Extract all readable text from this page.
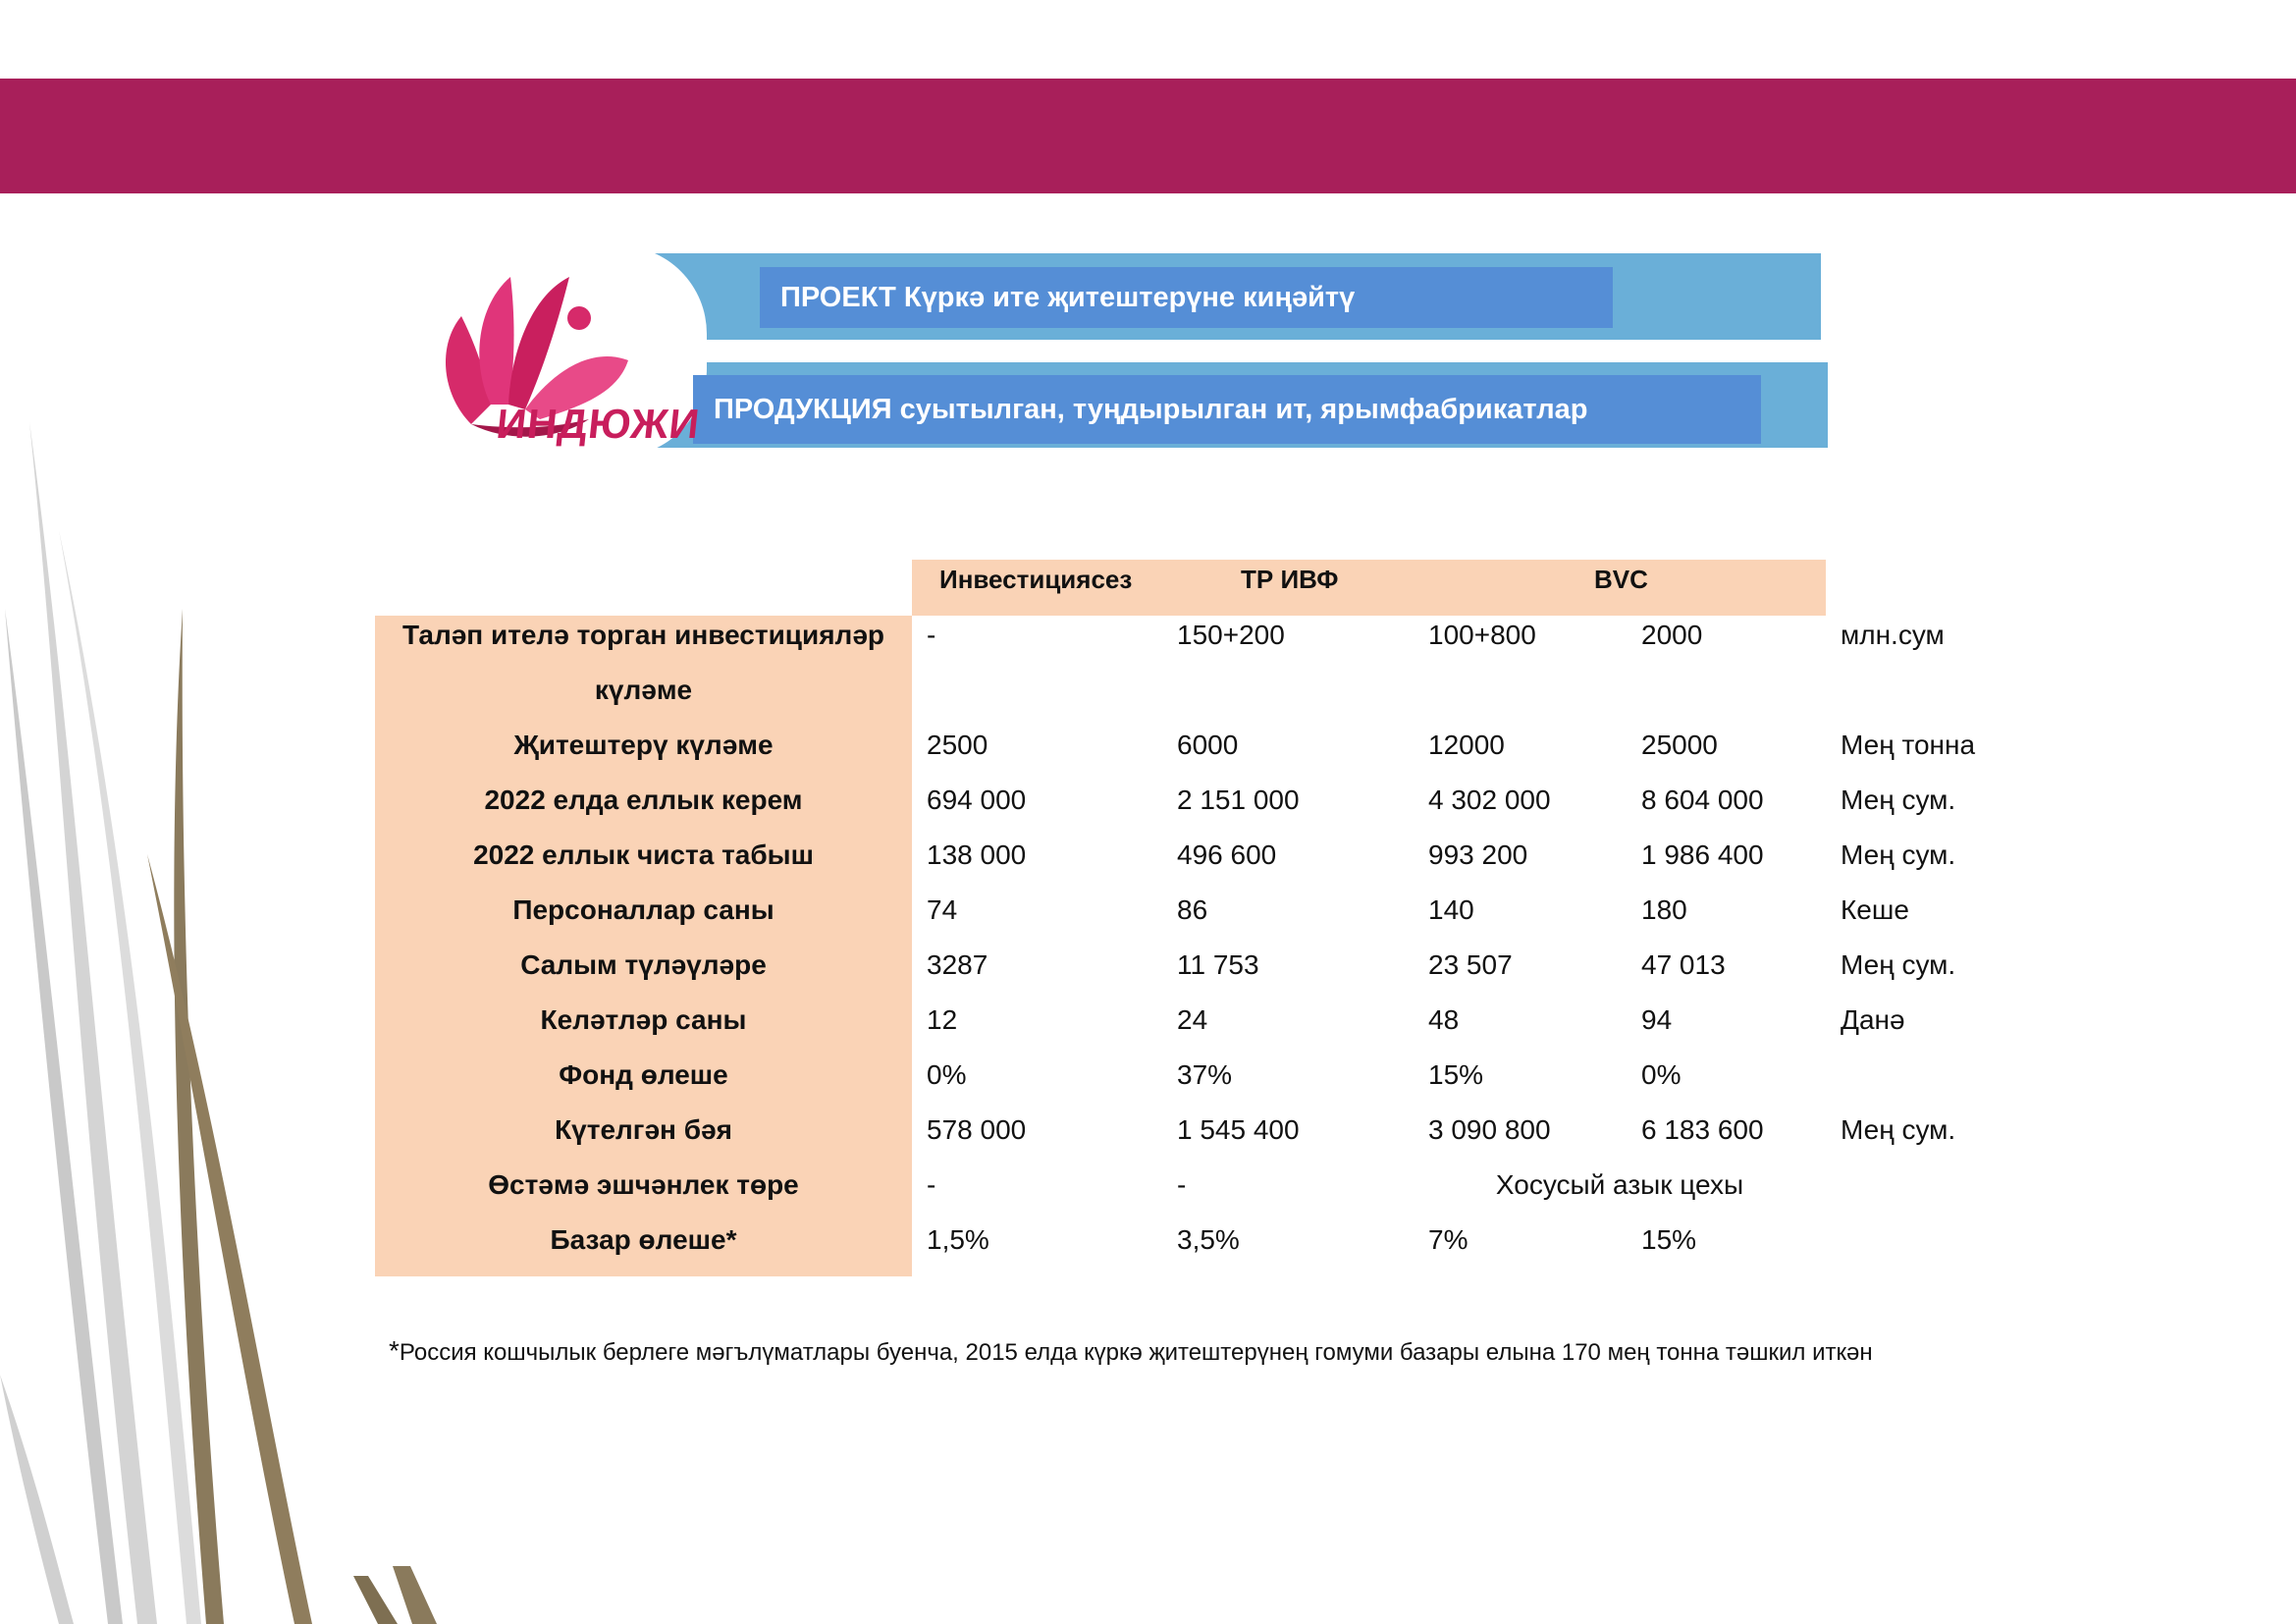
ПРОЕКТ Күркә ите җитештерүне киңәйтү
ПРОДУКЦИЯ суытылган, туңдырылган ит, ярымфабрикатлар
ИНДЮЖИ
Инвестициясез	ТР ИВФ	BVC
Таләп ителә торган инвестицияләр
күләме
-	150+200	100+800	2000	млн.сум
Җитештерү күләме	2500	6000	12000	25000	Мең тонна
2022 елда еллык керем	694 000	2 151 000	4 302 000	8 604 000	Мең сум.
2022 еллык чиста табыш	138 000	496 600	993 200	1 986 400	Мең сум.
Персоналлар саны	74	86	140	180	Кеше
Салым түләүләре	3287	11 753	23 507	47 013	Мең сум.
Келәтләр саны	12	24	48	94	Данә
Фонд өлеше	0%	37%	15%	0%
Күтелгән бәя	578 000	1 545 400	3 090 800	6 183 600	Мең сум.
Өстәмә эшчәнлек төре	-	-	Хосусый азык цехы
Базар өлеше*	1,5%	3,5%	7%	15%
*Россия кошчылык берлеге мәгълүматлары буенча, 2015 елда күркә җитештерүнең гомуми базары елына 170 мең тонна тәшкил иткән
